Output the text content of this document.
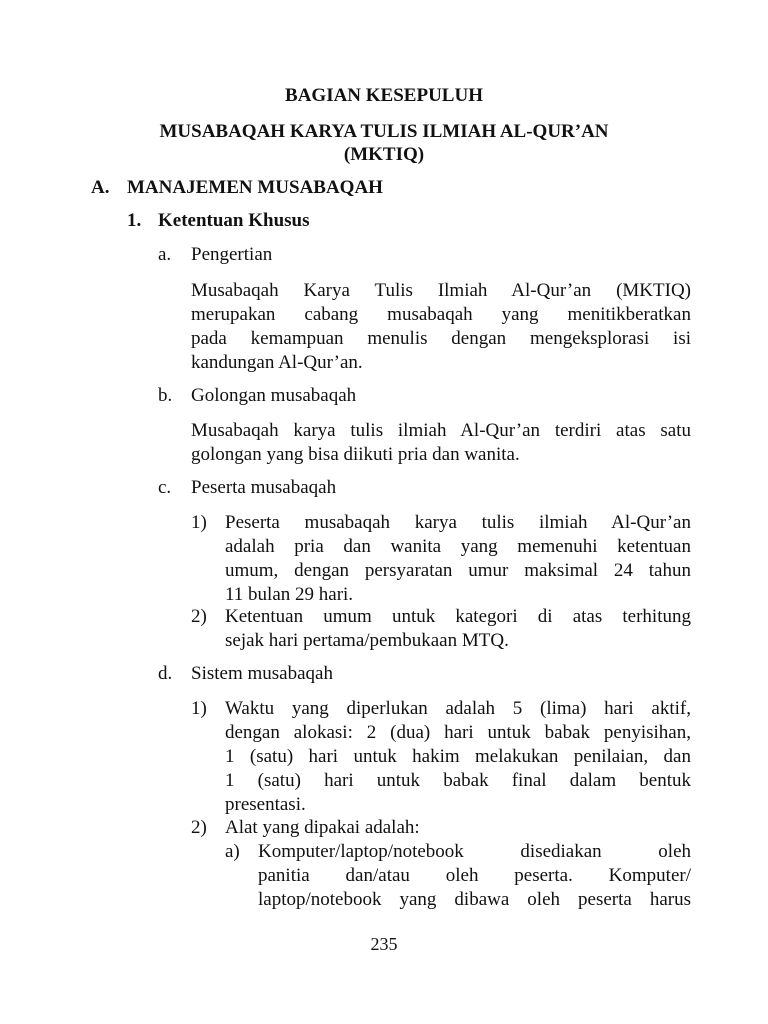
BAGIAN KESEPULUH
MUSABAQAH KARYA TULIS ILMIAH AL-QUR’AN
(MKTIQ)
A. MANAJEMEN MUSABAQAH
1. Ketentuan Khusus
a. Pengertian
Musabaqah Karya Tulis Ilmiah Al-Qur’an (MKTIQ)
merupakan cabang musabaqah yang menitikberatkan
pada kemampuan menulis dengan mengeksplorasi isi
kandungan Al-Qur’an.
b. Golongan musabaqah
Musabaqah karya tulis ilmiah Al-Qur’an terdiri atas satu
golongan yang bisa diikuti pria dan wanita.
c. Peserta musabaqah
1) Peserta musabaqah karya tulis ilmiah Al-Qur’an
adalah pria dan wanita yang memenuhi ketentuan
umum, dengan persyaratan umur maksimal 24 tahun
11 bulan 29 hari.
2) Ketentuan umum untuk kategori di atas terhitung
sejak hari pertama/pembukaan MTQ.
d. Sistem musabaqah
1) Waktu yang diperlukan adalah 5 (lima) hari aktif,
dengan alokasi: 2 (dua) hari untuk babak penyisihan,
1 (satu) hari untuk hakim melakukan penilaian, dan
1 (satu) hari untuk babak final dalam bentuk
presentasi.
2) Alat yang dipakai adalah:
a) Komputer/laptop/notebook disediakan oleh
panitia dan/atau oleh peserta. Komputer/
laptop/notebook yang dibawa oleh peserta harus
235
